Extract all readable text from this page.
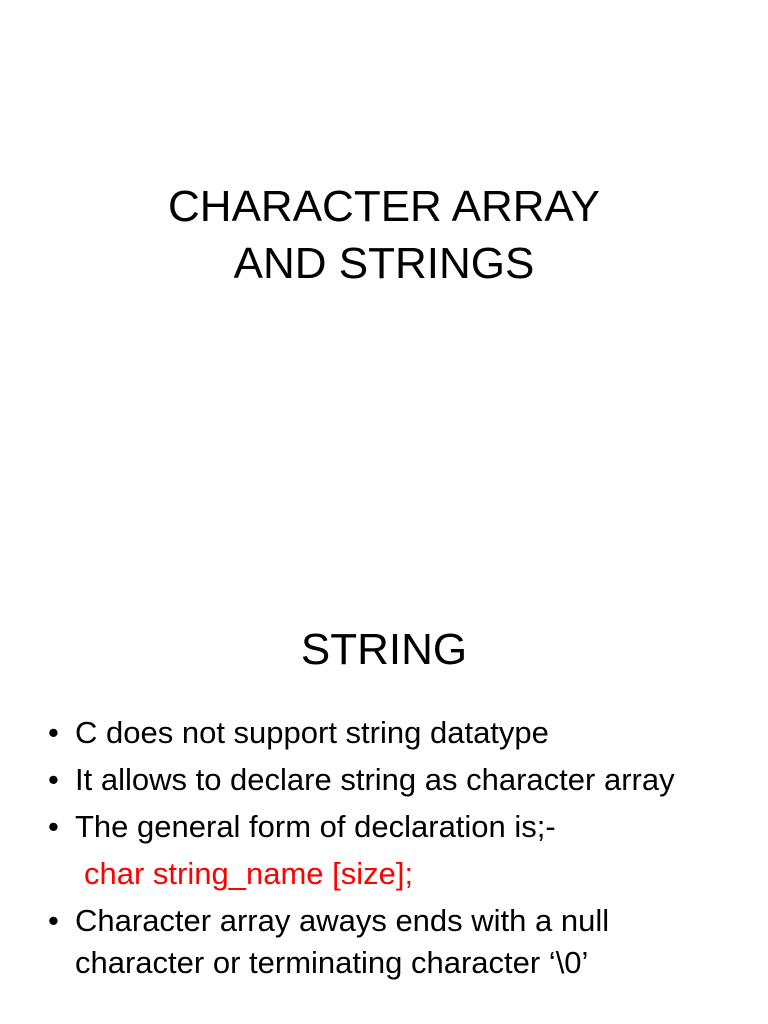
CHARACTER ARRAY
AND STRINGS
STRING
• C does not support string datatype
• It allows to declare string as character array
• The general form of declaration is;-
char string_name [size];
• Character array aways ends with a null character or terminating character ‘\0’
